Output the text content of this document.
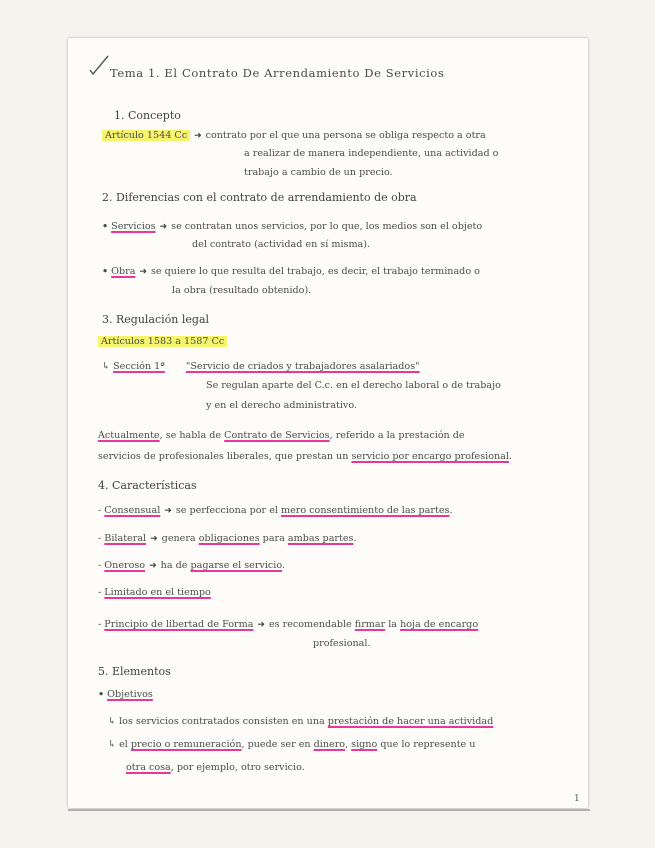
Tema 1. El Contrato De Arrendamiento De Servicios
1. Concepto
Artículo 1544 Cc ➜ contrato por el que una persona se obliga respecto a otra
a realizar de manera independiente, una actividad o
trabajo a cambio de un precio.
2. Diferencias con el contrato de arrendamiento de obra
• Servicios ➜ se contratan unos servicios, por lo que, los medios son el objeto
del contrato (actividad en sí misma).
• Obra ➜ se quiere lo que resulta del trabajo, es decir, el trabajo terminado o
la obra (resultado obtenido).
3. Regulación legal
Artículos 1583 a 1587 Cc
↳ Sección 1ª "Servicio de criados y trabajadores asalariados"
Se regulan aparte del C.c. en el derecho laboral o de trabajo
y en el derecho administrativo.
Actualmente, se habla de Contrato de Servicios, referido a la prestación de
servicios de profesionales liberales, que prestan un servicio por encargo profesional.
4. Características
- Consensual ➜ se perfecciona por el mero consentimiento de las partes.
- Bilateral ➜ genera obligaciones para ambas partes.
- Oneroso ➜ ha de pagarse el servicio.
- Limitado en el tiempo
- Principio de libertad de Forma ➜ es recomendable firmar la hoja de encargo
profesional.
5. Elementos
• Objetivos
↳ los servicios contratados consisten en una prestación de hacer una actividad
↳ el precio o remuneración, puede ser en dinero, signo que lo represente u
otra cosa, por ejemplo, otro servicio.
1
